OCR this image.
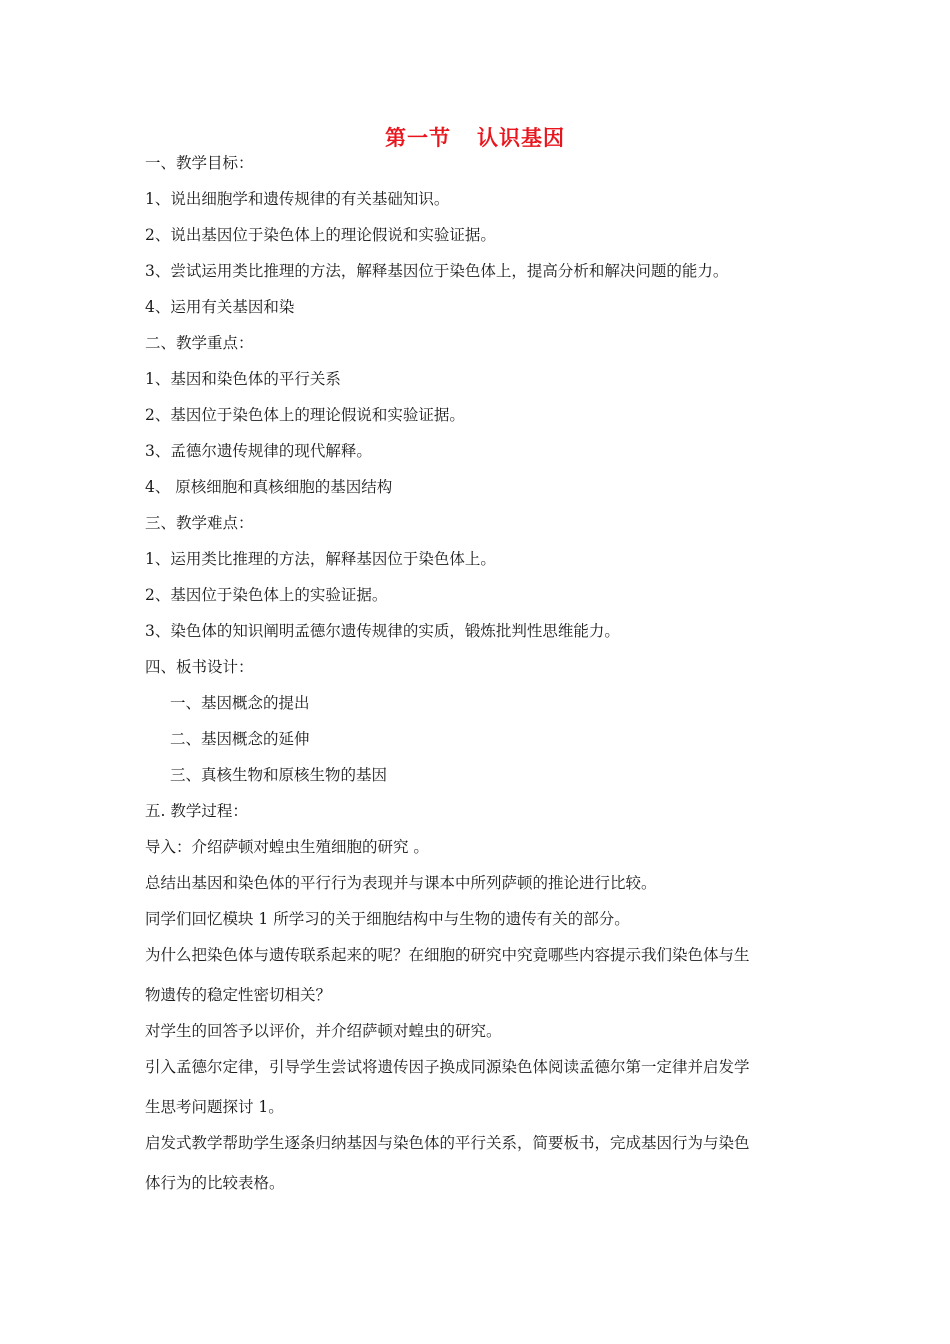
第一节 认识基因
一、教学目标：
1、说出细胞学和遗传规律的有关基础知识。
2、说出基因位于染色体上的理论假说和实验证据。
3、尝试运用类比推理的方法，解释基因位于染色体上，提高分析和解决问题的能力。
4、运用有关基因和染
二、教学重点：
1、基因和染色体的平行关系
2、基因位于染色体上的理论假说和实验证据。
3、孟德尔遗传规律的现代解释。
4、 原核细胞和真核细胞的基因结构
三、教学难点：
1、运用类比推理的方法，解释基因位于染色体上。
2、基因位于染色体上的实验证据。
3、染色体的知识阐明孟德尔遗传规律的实质，锻炼批判性思维能力。
四、板书设计：
一、基因概念的提出
二、基因概念的延伸
三、真核生物和原核生物的基因
五. 教学过程：
导入：介绍萨顿对蝗虫生殖细胞的研究 。
总结出基因和染色体的平行行为表现并与课本中所列萨顿的推论进行比较。
同学们回忆模块 1 所学习的关于细胞结构中与生物的遗传有关的部分。
为什么把染色体与遗传联系起来的呢？在细胞的研究中究竟哪些内容提示我们染色体与生
物遗传的稳定性密切相关？
对学生的回答予以评价，并介绍萨顿对蝗虫的研究。
引入孟德尔定律，引导学生尝试将遗传因子换成同源染色体阅读孟德尔第一定律并启发学
生思考问题探讨 1。
启发式教学帮助学生逐条归纳基因与染色体的平行关系，简要板书，完成基因行为与染色
体行为的比较表格。
